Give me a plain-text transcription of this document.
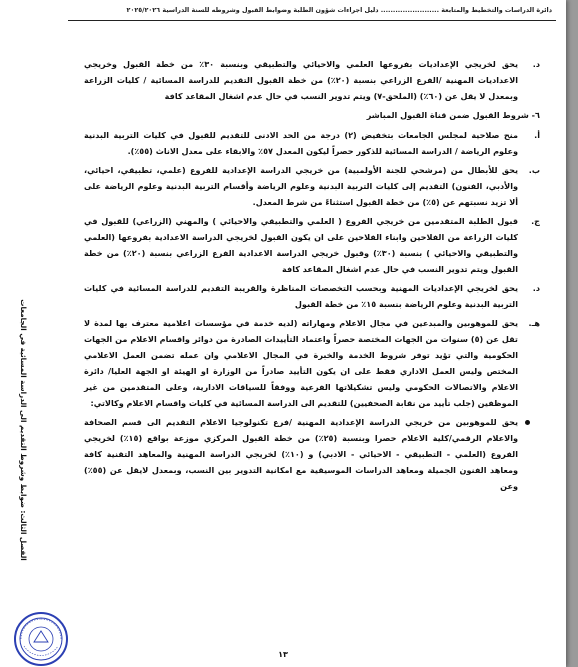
دائرة الدراسات والتخطيط والمتابعة ........................ دليل اجراءات شؤون الطلبة وضوابط القبول وشروطه للسنة الدراسية ٢٠٢٥/٢٠٢٦
الفصل الثالث: ضوابط وشروط التقديم الى الدراسة المسائية في الجامعات
د.
يحق لخريجي الإعداديات بفروعها العلمي والاحيائي والتطبيقي وبنسبة ٣٠٪ من خطة القبول وخريجي الاعداديات المهنية /الفرع الزراعي بنسبة (٢٠٪) من خطة القبول التقديم للدراسة المسائية / كليات الزراعة وبمعدل لا يقل عن (٦٠٪) (الملحق-٧) ويتم تدوير النسب في حال عدم اشغال المقاعد كافة
٦- شروط القبول ضمن قناة القبول المباشر
أ.
منح صلاحية لمجلس الجامعات بتخفيض (٢) درجة من الحد الادنى للتقديم للقبول في كليات التربية البدنية وعلوم الرياضة / الدراسة المسائية للذكور حصراً ليكون المعدل ٥٧٪ والابقاء على معدل الاناث (٥٥٪).
ب.
يحق للأبطال من (مرشحي للجنة الأولمبية) من خريجي الدراسة الإعدادية للفروع (علمي، تطبيقي، احيائي، والأدبي، الفنون) التقديم إلى كليات التربية البدنية وعلوم الرياضة وأقسام التربية البدنية وعلوم الرياضة على ألا تزيد نسبتهم عن (٥٪) من خطة القبول استثناءً من شرط المعدل.
ج.
قبول الطلبة المتقدمين من خريجي الفروع ( العلمي والتطبيقي والاحيائي ) والمهني (الزراعي) للقبول في كليات الزراعة من الفلاحين وابناء الفلاحين على ان يكون القبول لخريجي الدراسة الاعدادية بفروعها (العلمي والتطبيقي والاحيائي ) بنسبة (٣٠٪) وقبول خريجي الدراسة الاعدادية الفرع الزراعي بنسبة (٢٠٪) من خطة القبول ويتم تدوير النسب في حال عدم اشغال المقاعد كافة
د.
يحق لخريجي الإعداديات المهنية وبحسب التخصصات المناظرة والقريبة التقديم للدراسة المسائية في كليات التربية البدنية وعلوم الرياضة بنسبة ١٥٪ من خطة القبول
هـ.
يحق للموهوبين والمبدعين في مجال الاعلام ومهاراته (لديه خدمة في مؤسسات اعلامية معترف بها لمدة لا تقل عن (٥) سنوات من الجهات المختصة حصراً واعتماد التأييدات الصادرة من دوائر واقسام الاعلام من الجهات الحكومية والتي تؤيد توفر شروط الخدمة والخبرة في المجال الاعلامي وان عمله تضمن العمل الاعلامي المختص وليس العمل الاداري فقط على ان يكون التأييد صادراً من الوزارة او الهيئة او الجهة العليا/ دائرة الاعلام والاتصالات الحكومي وليس تشكيلاتها الفرعية ووفقاً للسياقات الادارية، وعلى المتقدمين من غير الموظفين (جلب تأييد من نقابة الصحفيين) للتقديم الى الدراسة المسائية في كليات واقسام الاعلام وكالاتي:
يحق للموهوبين من خريجي الدراسة الإعدادية المهنية /فرع تكنولوجيا الاعلام التقديم الى قسم الصحافة والاعلام الرقمي/كلية الاعلام حصرا وبنسبة (٢٥٪) من خطة القبول المركزي موزعة بواقع (١٥٪) لخريجي الفروع (العلمي - التطبيقي - الاحيائي - الادبي) و (١٠٪) لخريجي الدراسة المهنية والمعاهد التقنية كافة ومعاهد الفنون الجميلة ومعاهد الدراسات الموسيقية مع امكانية التدوير بين النسب، وبمعدل لايقل عن (٥٥٪) وعن
١٣
